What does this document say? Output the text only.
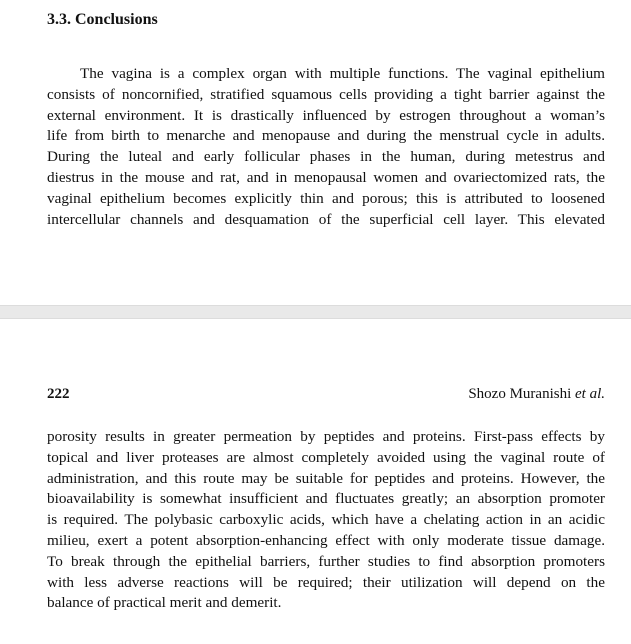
3.3. Conclusions

The vagina is a complex organ with multiple functions. The vaginal epithelium
consists of noncornified, stratified squamous cells providing a tight barrier against the
external environment. It is drastically influenced by estrogen throughout a woman’s
life from birth to menarche and menopause and during the menstrual cycle in adults.
During the luteal and early follicular phases in the human, during metestrus and
diestrus in the mouse and rat, and in menopausal women and ovariectomized rats, the
vaginal epithelium becomes explicitly thin and porous; this is attributed to loosened
intercellular channels and desquamation of the superficial cell layer. This elevated

222	Shozo Muranishi et al.

porosity results in greater permeation by peptides and proteins. First-pass effects by
topical and liver proteases are almost completely avoided using the vaginal route of
administration, and this route may be suitable for peptides and proteins. However, the
bioavailability is somewhat insufficient and fluctuates greatly; an absorption promoter
is required. The polybasic carboxylic acids, which have a chelating action in an acidic
milieu, exert a potent absorption-enhancing effect with only moderate tissue damage.
To break through the epithelial barriers, further studies to find absorption promoters
with less adverse reactions will be required; their utilization will depend on the
balance of practical merit and demerit.
